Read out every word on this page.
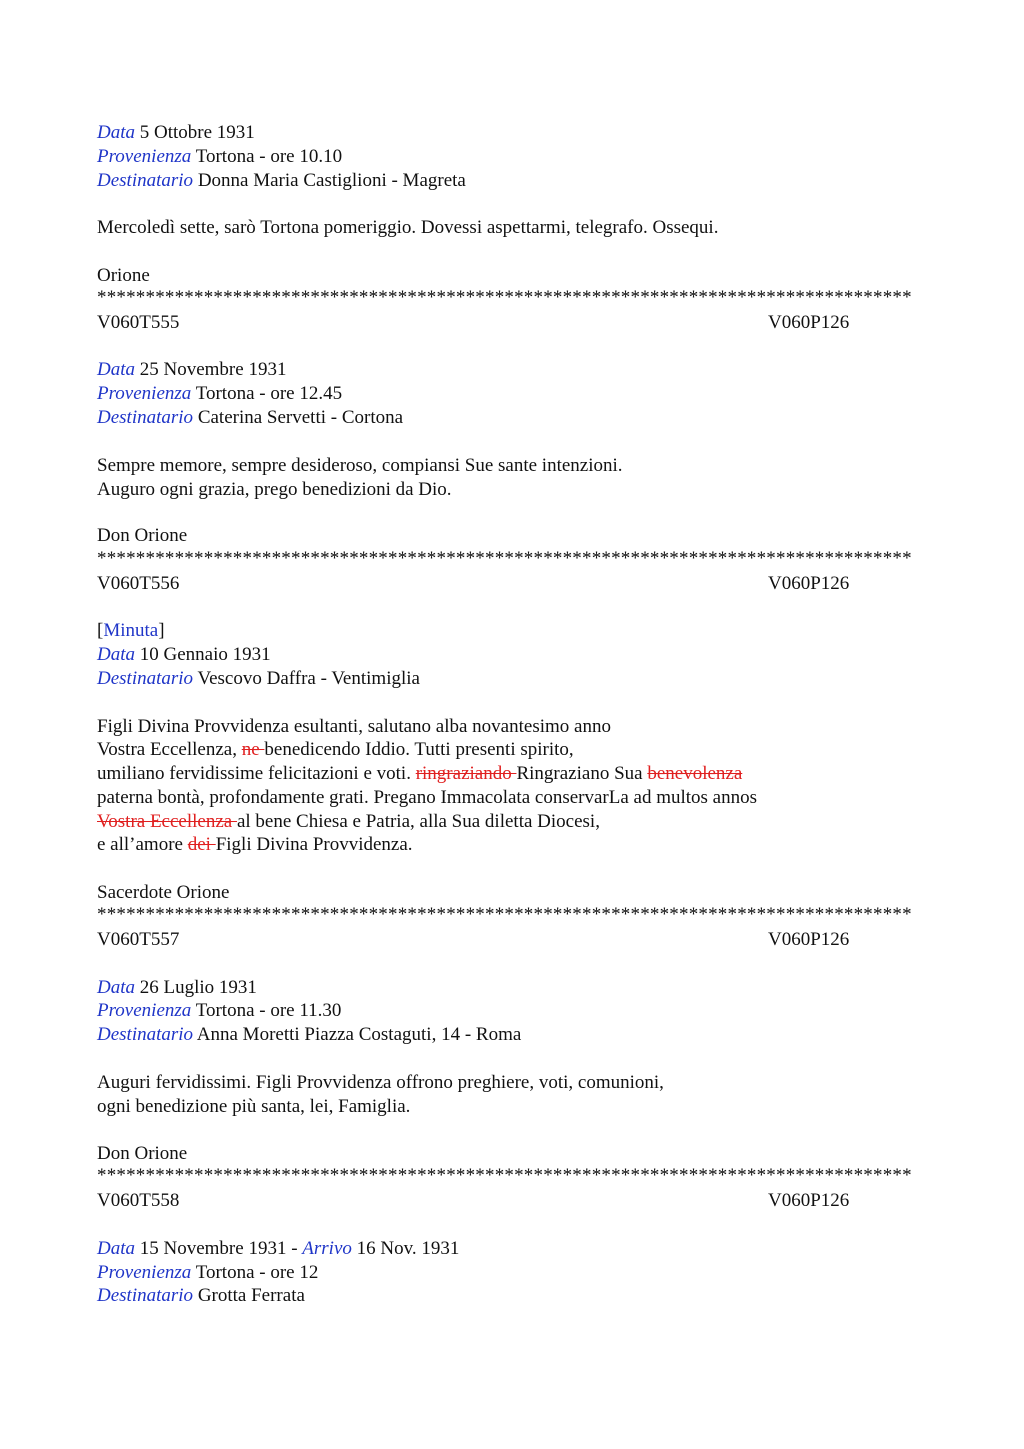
Data 5 Ottobre 1931
Provenienza Tortona - ore 10.10
Destinatario Donna Maria Castiglioni - Magreta
Mercoledì sette, sarò Tortona pomeriggio. Dovessi aspettarmi, telegrafo. Ossequi.
Orione
************************************************************************************
V060T555	V060P126
Data 25 Novembre 1931
Provenienza Tortona - ore 12.45
Destinatario Caterina Servetti - Cortona
Sempre memore, sempre desideroso, compiansi Sue sante intenzioni.
Auguro ogni grazia, prego benedizioni da Dio.
Don Orione
************************************************************************************
V060T556	V060P126
[Minuta]
Data 10 Gennaio 1931
Destinatario Vescovo Daffra - Ventimiglia
Figli Divina Provvidenza esultanti, salutano alba novantesimo anno
Vostra Eccellenza, ne benedicendo Iddio. Tutti presenti spirito,
umiliano fervidissime felicitazioni e voti. ringraziando Ringraziano Sua benevolenza
paterna bontà, profondamente grati. Pregano Immacolata conservarLa ad multos annos
Vostra Eccellenza al bene Chiesa e Patria, alla Sua diletta Diocesi,
e all’amore dei Figli Divina Provvidenza.
Sacerdote Orione
************************************************************************************
V060T557	V060P126
Data 26 Luglio 1931
Provenienza Tortona - ore 11.30
Destinatario Anna Moretti Piazza Costaguti, 14 - Roma
Auguri fervidissimi. Figli Provvidenza offrono preghiere, voti, comunioni,
ogni benedizione più santa, lei, Famiglia.
Don Orione
************************************************************************************
V060T558	V060P126
Data 15 Novembre 1931 - Arrivo 16 Nov. 1931
Provenienza Tortona - ore 12
Destinatario Grotta Ferrata
